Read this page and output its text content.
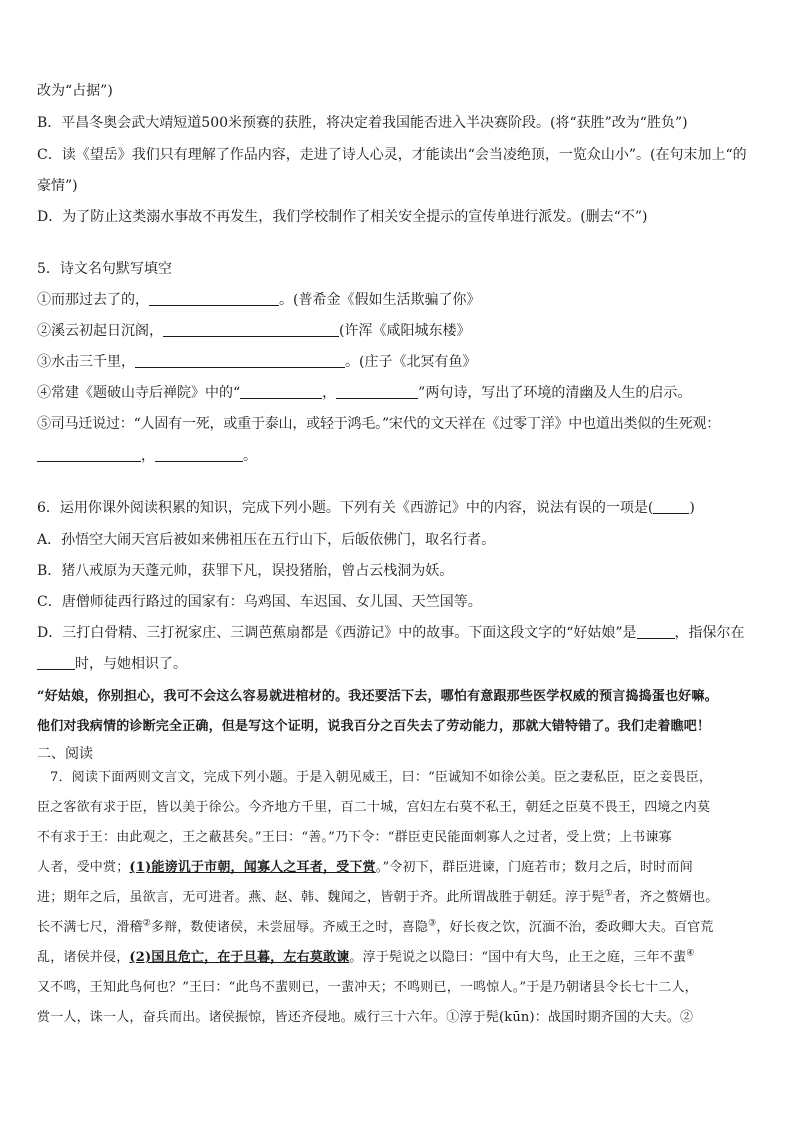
改为“占据”)
B．平昌冬奥会武大靖短道500米预赛的获胜，将决定着我国能否进入半决赛阶段。(将“获胜”改为“胜负”)
C．读《望岳》我们只有理解了作品内容，走进了诗人心灵，才能读出“会当凌绝顶，一览众山小”。(在句末加上“的
豪情”)
D．为了防止这类溺水事故不再发生，我们学校制作了相关安全提示的宣传单进行派发。(删去“不”)
5．诗文名句默写填空
①而那过去了的，	。(普希金《假如生活欺骗了你》
②溪云初起日沉阁，	(许浑《咸阳城东楼》
③水击三千里，	。(庄子《北冥有鱼》
④常建《题破山寺后禅院》中的“	，	”两句诗，写出了环境的清幽及人生的启示。
⑤司马迁说过：“人固有一死，或重于泰山，或轻于鸿毛。”宋代的文天祥在《过零丁洋》中也道出类似的生死观：
，	。
6．运用你课外阅读积累的知识，完成下列小题。下列有关《西游记》中的内容，说法有误的一项是(	)
A．孙悟空大闹天宫后被如来佛祖压在五行山下，后皈依佛门，取名行者。
B．猪八戒原为天蓬元帅，获罪下凡，误投猪胎，曾占云栈洞为妖。
C．唐僧师徒西行路过的国家有：乌鸡国、车迟国、女儿国、天竺国等。
D．三打白骨精、三打祝家庄、三调芭蕉扇都是《西游记》中的故事。下面这段文字的“好姑娘”是	，指保尔在
时，与她相识了。
“好姑娘，你别担心，我可不会这么容易就进棺材的。我还要活下去，哪怕有意跟那些医学权威的预言捣捣蛋也好嘛。
他们对我病情的诊断完全正确，但是写这个证明，说我百分之百失去了劳动能力，那就大错特错了。我们走着瞧吧！
二、阅读
7．阅读下面两则文言文，完成下列小题。于是入朝见威王，曰：“臣诚知不如徐公美。臣之妻私臣，臣之妾畏臣，
臣之客欲有求于臣，皆以美于徐公。今齐地方千里，百二十城，宫妇左右莫不私王，朝廷之臣莫不畏王，四境之内莫
不有求于王：由此观之，王之蔽甚矣。”王曰：“善。”乃下令：“群臣吏民能面刺寡人之过者，受上赏；上书谏寡
人者，受中赏；(1)能谤讥于市朝，闻寡人之耳者，受下赏。”令初下，群臣进谏，门庭若市；数月之后，时时而间
进；期年之后，虽欲言，无可进者。燕、赵、韩、魏闻之，皆朝于齐。此所谓战胜于朝廷。淳于髡①者，齐之赘婿也。
长不满七尺，滑稽②多辩，数使诸侯，未尝屈辱。齐威王之时，喜隐③，好长夜之饮，沉湎不治，委政卿大夫。百官荒
乱，诸侯并侵，(2)国且危亡，在于旦暮，左右莫敢谏。淳于髡说之以隐曰：“国中有大鸟，止王之庭，三年不蜚④
又不鸣，王知此鸟何也？”王曰：“此鸟不蜚则已，一蜚冲天；不鸣则已，一鸣惊人。”于是乃朝诸县令长七十二人，
赏一人，诛一人，奋兵而出。诸侯振惊，皆还齐侵地。威行三十六年。①淳于髡(kūn)：战国时期齐国的大夫。②
